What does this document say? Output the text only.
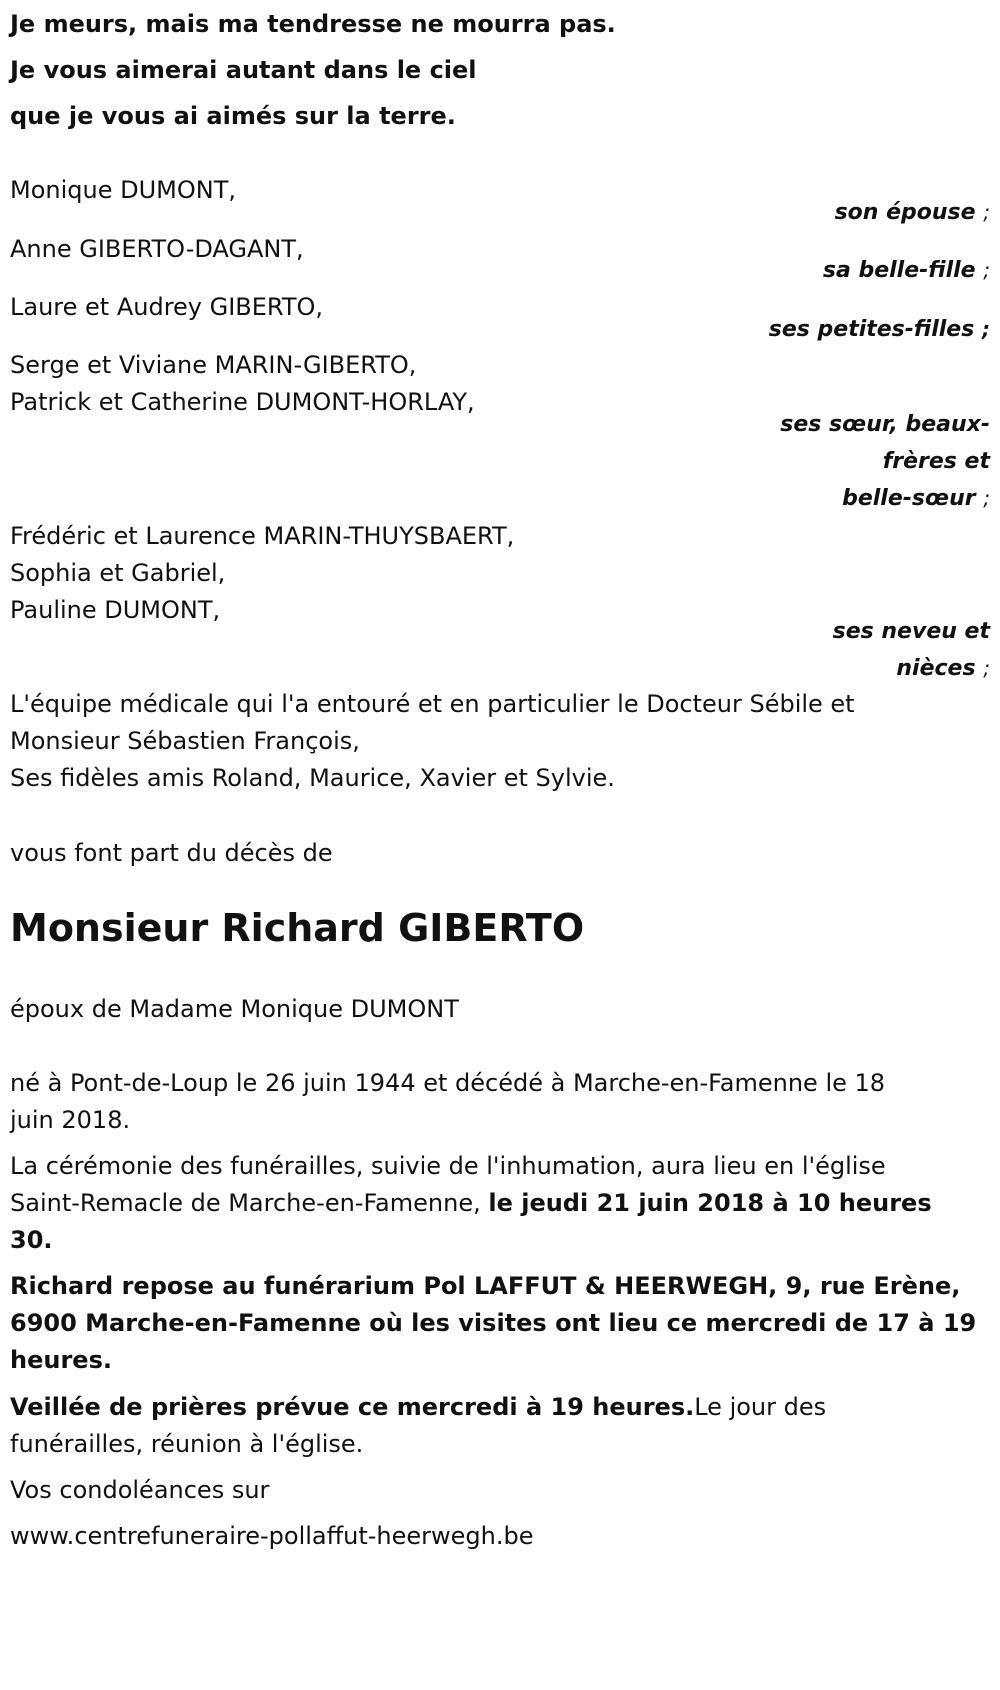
Je meurs, mais ma tendresse ne mourra pas.
Je vous aimerai autant dans le ciel
que je vous ai aimés sur la terre.
Monique DUMONT,
son épouse ;
Anne GIBERTO-DAGANT,
sa belle-fille ;
Laure et Audrey GIBERTO,
ses petites-filles ;
Serge et Viviane MARIN-GIBERTO,
Patrick et Catherine DUMONT-HORLAY,
ses sœur, beaux-
frères et
belle-sœur ;
Frédéric et Laurence MARIN-THUYSBAERT,
Sophia et Gabriel,
Pauline DUMONT,
ses neveu et
nièces ;
L'équipe médicale qui l'a entouré et en particulier le Docteur Sébile et
Monsieur Sébastien François,
Ses fidèles amis Roland, Maurice, Xavier et Sylvie.
vous font part du décès de
Monsieur Richard GIBERTO
époux de Madame Monique DUMONT
né à Pont-de-Loup le 26 juin 1944 et décédé à Marche-en-Famenne le 18
juin 2018.
La cérémonie des funérailles, suivie de l'inhumation, aura lieu en l'église
Saint-Remacle de Marche-en-Famenne, le jeudi 21 juin 2018 à 10 heures
30.
Richard repose au funérarium Pol LAFFUT & HEERWEGH, 9, rue Erène,
6900 Marche-en-Famenne où les visites ont lieu ce mercredi de 17 à 19
heures.
Veillée de prières prévue ce mercredi à 19 heures.Le jour des
funérailles, réunion à l'église.
Vos condoléances sur
www.centrefuneraire-pollaffut-heerwegh.be
